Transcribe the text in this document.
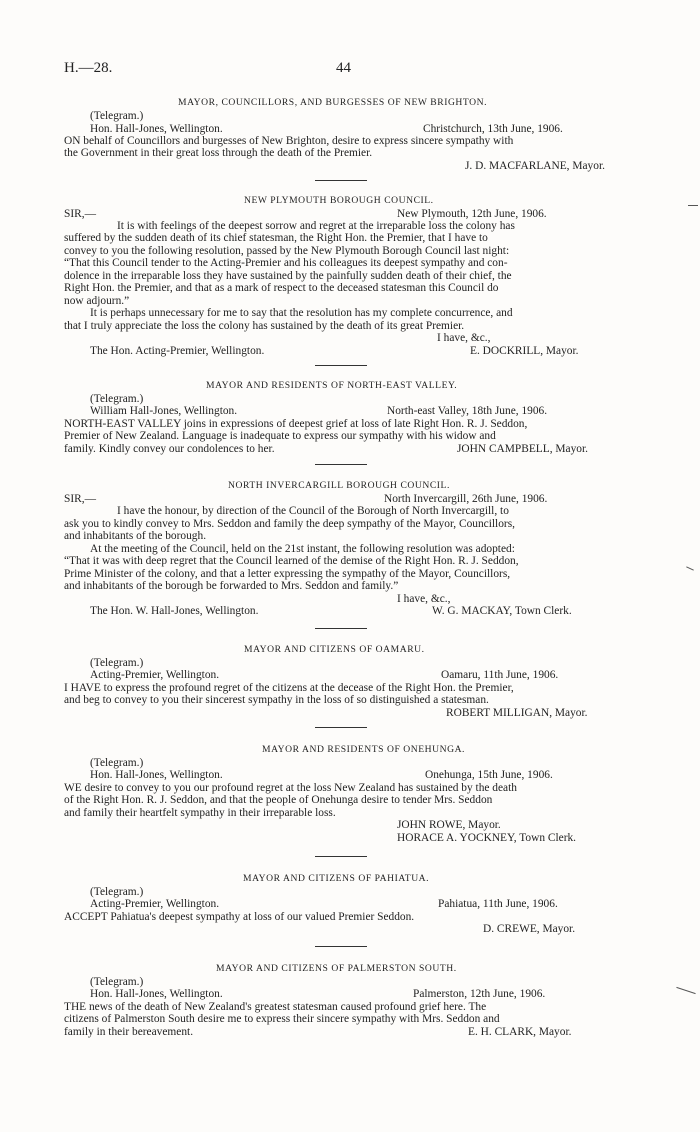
H.—28.	44
MAYOR, COUNCILLORS, AND BURGESSES OF NEW BRIGHTON.
(Telegram.)
Hon. Hall-Jones, Wellington.	Christchurch, 13th June, 1906.
ON behalf of Councillors and burgesses of New Brighton, desire to express sincere sympathy with
the Government in their great loss through the death of the Premier.
J. D. MACFARLANE, Mayor.
NEW PLYMOUTH BOROUGH COUNCIL.
SIR,—	New Plymouth, 12th June, 1906.
It is with feelings of the deepest sorrow and regret at the irreparable loss the colony has
suffered by the sudden death of its chief statesman, the Right Hon. the Premier, that I have to
convey to you the following resolution, passed by the New Plymouth Borough Council last night:
“That this Council tender to the Acting-Premier and his colleagues its deepest sympathy and con-
dolence in the irreparable loss they have sustained by the painfully sudden death of their chief, the
Right Hon. the Premier, and that as a mark of respect to the deceased statesman this Council do
now adjourn.”
It is perhaps unnecessary for me to say that the resolution has my complete concurrence, and
that I truly appreciate the loss the colony has sustained by the death of its great Premier.
I have, &c.,
The Hon. Acting-Premier, Wellington.	E. DOCKRILL, Mayor.
MAYOR AND RESIDENTS OF NORTH-EAST VALLEY.
(Telegram.)
William Hall-Jones, Wellington.	North-east Valley, 18th June, 1906.
NORTH-EAST VALLEY joins in expressions of deepest grief at loss of late Right Hon. R. J. Seddon,
Premier of New Zealand. Language is inadequate to express our sympathy with his widow and
family. Kindly convey our condolences to her.	JOHN CAMPBELL, Mayor.
NORTH INVERCARGILL BOROUGH COUNCIL.
SIR,—	North Invercargill, 26th June, 1906.
I have the honour, by direction of the Council of the Borough of North Invercargill, to
ask you to kindly convey to Mrs. Seddon and family the deep sympathy of the Mayor, Councillors,
and inhabitants of the borough.
At the meeting of the Council, held on the 21st instant, the following resolution was adopted:
“That it was with deep regret that the Council learned of the demise of the Right Hon. R. J. Seddon,
Prime Minister of the colony, and that a letter expressing the sympathy of the Mayor, Councillors,
and inhabitants of the borough be forwarded to Mrs. Seddon and family.”
I have, &c.,
The Hon. W. Hall-Jones, Wellington.	W. G. MACKAY, Town Clerk.
MAYOR AND CITIZENS OF OAMARU.
(Telegram.)
Acting-Premier, Wellington.	Oamaru, 11th June, 1906.
I HAVE to express the profound regret of the citizens at the decease of the Right Hon. the Premier,
and beg to convey to you their sincerest sympathy in the loss of so distinguished a statesman.
ROBERT MILLIGAN, Mayor.
MAYOR AND RESIDENTS OF ONEHUNGA.
(Telegram.)
Hon. Hall-Jones, Wellington.	Onehunga, 15th June, 1906.
WE desire to convey to you our profound regret at the loss New Zealand has sustained by the death
of the Right Hon. R. J. Seddon, and that the people of Onehunga desire to tender Mrs. Seddon
and family their heartfelt sympathy in their irreparable loss.
JOHN ROWE, Mayor.
HORACE A. YOCKNEY, Town Clerk.
MAYOR AND CITIZENS OF PAHIATUA.
(Telegram.)
Acting-Premier, Wellington.	Pahiatua, 11th June, 1906.
ACCEPT Pahiatua's deepest sympathy at loss of our valued Premier Seddon.
D. CREWE, Mayor.
MAYOR AND CITIZENS OF PALMERSTON SOUTH.
(Telegram.)
Hon. Hall-Jones, Wellington.	Palmerston, 12th June, 1906.
THE news of the death of New Zealand's greatest statesman caused profound grief here. The
citizens of Palmerston South desire me to express their sincere sympathy with Mrs. Seddon and
family in their bereavement.	E. H. CLARK, Mayor.
